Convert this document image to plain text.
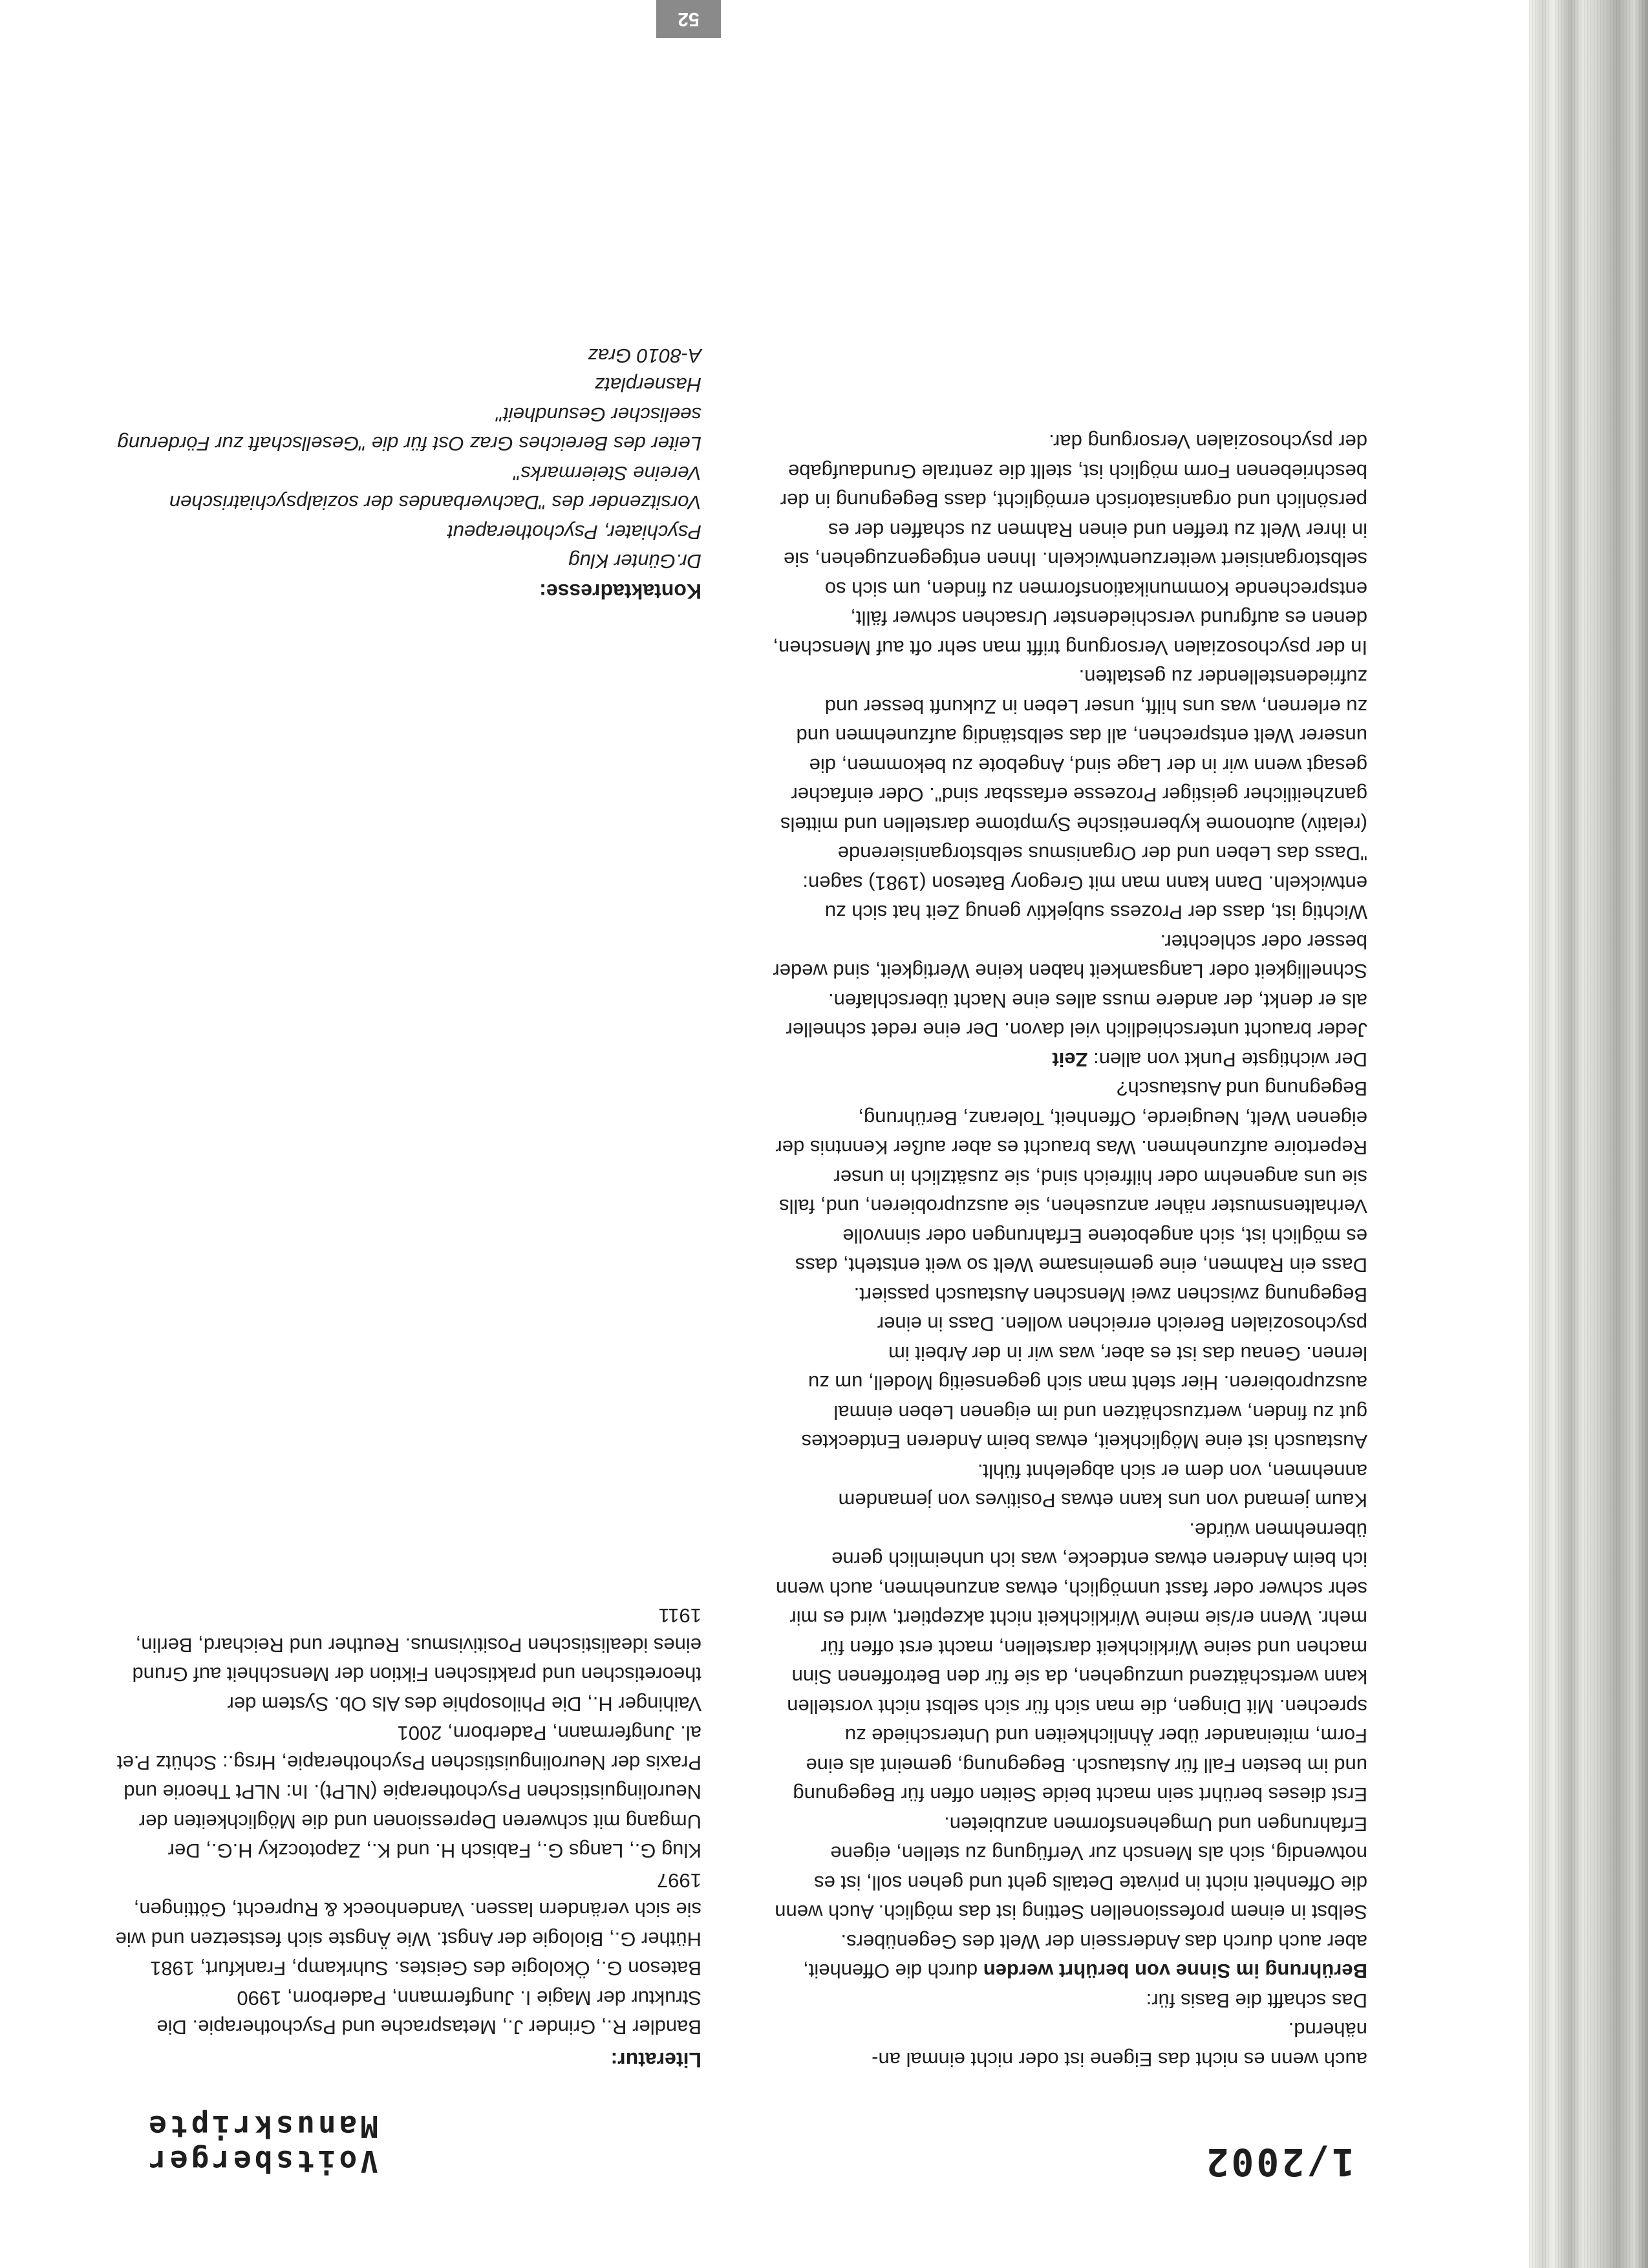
1/2002
Voitsberger Manuskripte
52

auch wenn es nicht das Eigene ist oder nicht einmal an-
nähernd.

Das schafft die Basis für:

Berührung im Sinne von berührt werden durch die Offenheit, aber auch durch das Anderssein der Welt des Gegenübers.

Selbst in einem professionellen Setting ist das möglich. Auch wenn die Offenheit nicht in private Details geht und gehen soll, ist es notwendig, sich als Mensch zur Verfügung zu stellen, eigene Erfahrungen und Umgehensformen anzubieten.

Erst dieses berührt sein macht beide Seiten offen für Begegnung und im besten Fall für Austausch. Begegnung, gemeint als eine Form, miteinander über Ähnlichkeiten und Unterschiede zu sprechen. Mit Dingen, die man sich für sich selbst nicht vorstellen kann wertschätzend umzugehen, da sie für den Betroffenen Sinn machen und seine Wirklichkeit darstellen, macht erst offen für mehr. Wenn er/sie meine Wirklichkeit nicht akzeptiert, wird es mir sehr schwer oder fasst unmöglich, etwas anzunehmen, auch wenn ich beim Anderen etwas entdecke, was ich unheimlich gerne übernehmen würde.

Kaum jemand von uns kann etwas Positives von jemandem annehmen, von dem er sich abgelehnt fühlt.

Austausch ist eine Möglichkeit, etwas beim Anderen Entdecktes gut zu finden, wertzuschätzen und im eigenen Leben einmal auszuprobieren. Hier steht man sich gegenseitig Modell, um zu lernen. Genau das ist es aber, was wir in der Arbeit im psychosozialen Bereich erreichen wollen. Dass in einer Begegnung zwischen zwei Menschen Austausch passiert.

Dass ein Rahmen, eine gemeinsame Welt so weit entsteht, dass es möglich ist, sich angebotene Erfahrungen oder sinnvolle Verhaltensmuster näher anzusehen, sie auszuprobieren, und, falls sie uns angenehm oder hilfreich sind, sie zusätzlich in unser Repertoire aufzunehmen. Was braucht es aber außer Kenntnis der eigenen Welt, Neugierde, Offenheit, Toleranz, Berührung, Begegnung und Austausch?

Der wichtigste Punkt von allen: Zeit

Jeder braucht unterschiedlich viel davon. Der eine redet schneller als er denkt, der andere muss alles eine Nacht überschlafen. Schnelligkeit oder Langsamkeit haben keine Wertigkeit, sind weder besser oder schlechter.

Wichtig ist, dass der Prozess subjektiv genug Zeit hat sich zu entwickeln. Dann kann man mit Gregory Bateson (1981) sagen: "Dass das Leben und der Organismus selbstorganisierende (relativ) autonome kybernetische Symptome darstellen und mittels ganzheitlicher geistiger Prozesse erfassbar sind". Oder einfacher gesagt wenn wir in der Lage sind, Angebote zu bekommen, die unserer Welt entsprechen, all das selbständig aufzunehmen und zu erlernen, was uns hilft, unser Leben in Zukunft besser und zufriedenstellender zu gestalten.

In der psychosozialen Versorgung trifft man sehr oft auf Menschen, denen es aufgrund verschiedenster Ursachen schwer fällt, entsprechende Kommunikationsformen zu finden, um sich so selbstorganisiert weiterzuentwickeln. Ihnen entgegenzugehen, sie in ihrer Welt zu treffen und einen Rahmen zu schaffen der es persönlich und organisatorisch ermöglicht, dass Begegnung in der beschriebenen Form möglich ist, stellt die zentrale Grundaufgabe der psychosozialen Versorgung dar.

Literatur:

Bandler R., Grinder J., Metasprache und Psychotherapie. Die Struktur der Magie I. Jungfermann, Paderborn, 1990

Bateson G., Ökologie des Geistes. Suhrkamp, Frankfurt, 1981

Hüther G., Biologie der Angst. Wie Ängste sich festsetzen und wie sie sich verändern lassen. Vandenhoeck & Ruprecht, Göttingen, 1997

Klug G., Langs G., Fabisch H. und K., Zapotoczky H.G., Der Umgang mit schweren Depressionen und die Möglichkeiten der Neurolinguistischen Psychotherapie (NLPt). In: NLPt Theorie und Praxis der Neurolinguistischen Psychotherapie, Hrsg.: Schütz P.et al. Jungfermann, Paderborn, 2001

Vaihinger H., Die Philosophie des Als Ob. System der theoretischen und praktischen Fiktion der Menschheit auf Grund eines idealistischen Positivismus. Reuther und Reichard, Berlin, 1911

Kontaktadresse:

Dr.Günter Klug

Psychiater, Psychotherapeut

Vorsitzender des "Dachverbandes der sozialpsychiatrischen

Vereine Steiermarks"

Leiter des Bereiches Graz Ost für die "Gesellschaft zur Förderung

seelischer Gesundheit"

Hasnerplatz

A-8010 Graz
